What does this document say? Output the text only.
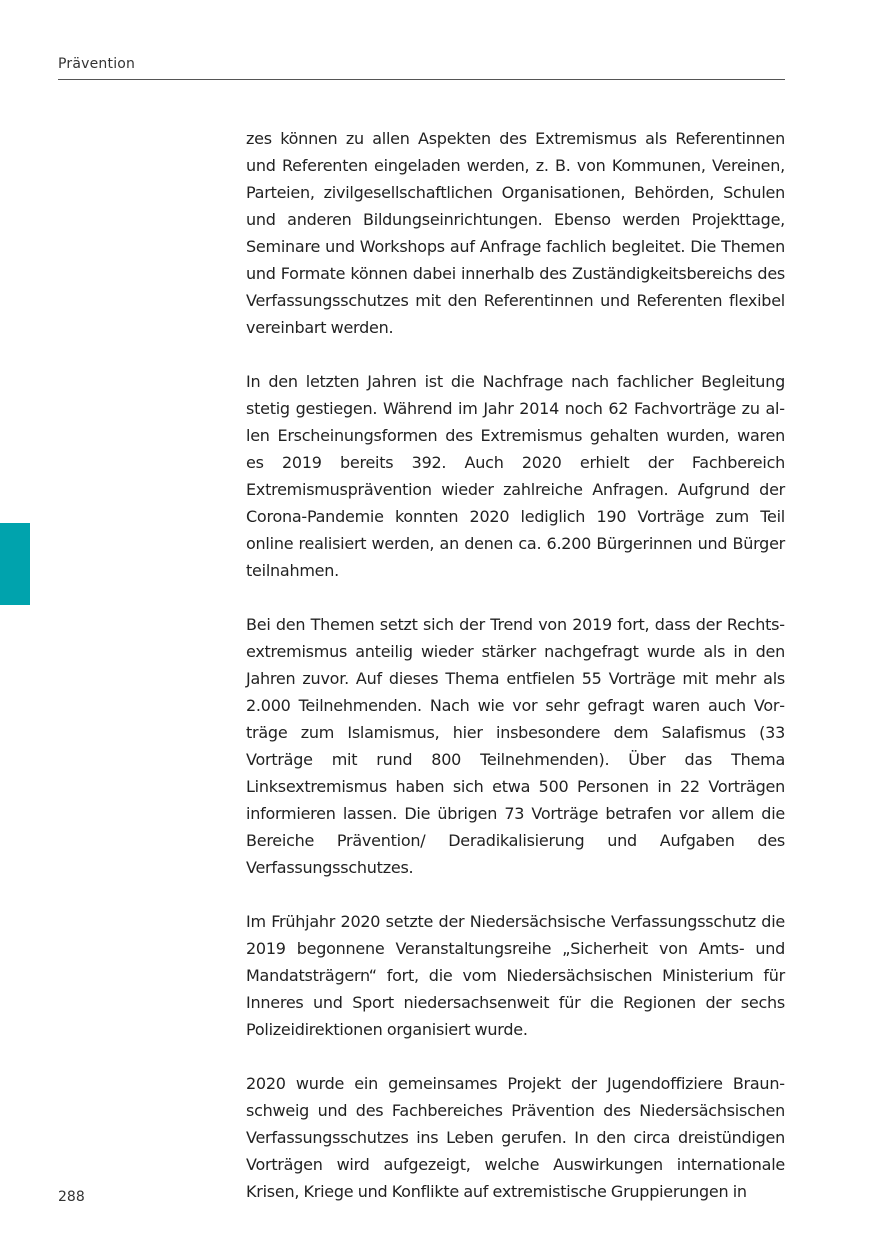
Prävention

zes können zu allen Aspekten des Extremismus als Referentinnen und Referenten eingeladen werden, z. B. von Kommunen, Vereinen, Parteien, zivilgesellschaftlichen Organisationen, Behörden, Schulen und anderen Bildungseinrichtungen. Ebenso werden Projekttage, Seminare und Workshops auf Anfrage fachlich begleitet. Die Themen und Formate können dabei innerhalb des Zuständigkeitsbereichs des Verfassungsschutzes mit den Referentinnen und Referenten flexibel vereinbart werden.

In den letzten Jahren ist die Nachfrage nach fachlicher Begleitung stetig gestiegen. Während im Jahr 2014 noch 62 Fachvorträge zu allen Erscheinungsformen des Extremismus gehalten wurden, waren es 2019 bereits 392. Auch 2020 erhielt der Fachbereich Extremismusprävention wieder zahlreiche Anfragen. Aufgrund der Corona-Pandemie konnten 2020 lediglich 190 Vorträge zum Teil online realisiert werden, an denen ca. 6.200 Bürgerinnen und Bürger teilnahmen.

Bei den Themen setzt sich der Trend von 2019 fort, dass der Rechtsextremismus anteilig wieder stärker nachgefragt wurde als in den Jahren zuvor. Auf dieses Thema entfielen 55 Vorträge mit mehr als 2.000 Teilnehmenden. Nach wie vor sehr gefragt waren auch Vorträge zum Islamismus, hier insbesondere dem Salafismus (33 Vorträge mit rund 800 Teilnehmenden). Über das Thema Linksextremismus haben sich etwa 500 Personen in 22 Vorträgen informieren lassen. Die übrigen 73 Vorträge betrafen vor allem die Bereiche Prävention/ Deradikalisierung und Aufgaben des Verfassungsschutzes.

Im Frühjahr 2020 setzte der Niedersächsische Verfassungsschutz die 2019 begonnene Veranstaltungsreihe „Sicherheit von Amts- und Mandatsträgern“ fort, die vom Niedersächsischen Ministerium für Inneres und Sport niedersachsenweit für die Regionen der sechs Polizeidirektionen organisiert wurde.

2020 wurde ein gemeinsames Projekt der Jugendoffiziere Braunschweig und des Fachbereiches Prävention des Niedersächsischen Verfassungsschutzes ins Leben gerufen. In den circa dreistündigen Vorträgen wird aufgezeigt, welche Auswirkungen internationale Krisen, Kriege und Konflikte auf extremistische Gruppierungen in

288
